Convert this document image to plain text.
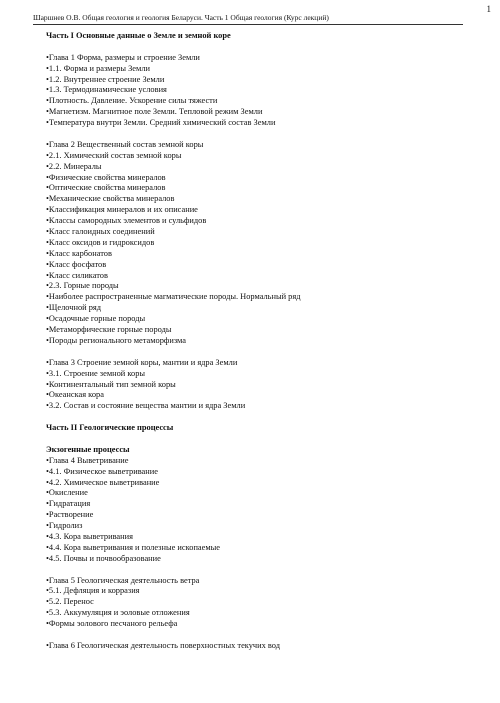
1
Шаршнев О.В. Общая геология и геология Беларуси. Часть 1 Общая геология (Курс лекций)
Часть I Основные данные о Земле и земной коре
•Глава 1 Форма, размеры и строение Земли
•1.1. Форма и размеры Земли
•1.2. Внутреннее строение Земли
•1.3. Термодинамические условия
•Плотность. Давление. Ускорение силы тяжести
•Магнетизм. Магнитное поле Земли. Тепловой режим Земли
•Температура внутри Земли. Средний химический состав Земли
•Глава 2 Вещественный состав земной коры
•2.1. Химический состав земной коры
•2.2. Минералы
•Физические свойства минералов
•Оптические свойства минералов
•Механические свойства минералов
•Классификация минералов и их описание
•Классы самородных элементов и сульфидов
•Класс галоидных соединений
•Класс оксидов и гидроксидов
•Класс карбонатов
•Класс фосфатов
•Класс силикатов
•2.3. Горные породы
•Наиболее распространенные магматические породы. Нормальный ряд
•Щелочной ряд
•Осадочные горные породы
•Метаморфические горные породы
•Породы регионального метаморфизма
•Глава 3 Строение земной коры, мантии и ядра Земли
•3.1. Строение земной коры
•Континентальный тип земной коры
•Океанская кора
•3.2. Состав и состояние вещества мантии и ядра Земли
Часть II Геологические процессы
Экзогенные процессы
•Глава 4 Выветривание
•4.1. Физическое выветривание
•4.2. Химическое выветривание
•Окисление
•Гидратация
•Растворение
•Гидролиз
•4.3. Кора выветривания
•4.4. Кора выветривания и полезные ископаемые
•4.5. Почвы и почвообразование
•Глава 5 Геологическая деятельность ветра
•5.1. Дефляция и корразия
•5.2. Перенос
•5.3. Аккумуляция и эоловые отложения
•Формы эолового песчаного рельефа
•Глава 6 Геологическая деятельность поверхностных текучих вод
